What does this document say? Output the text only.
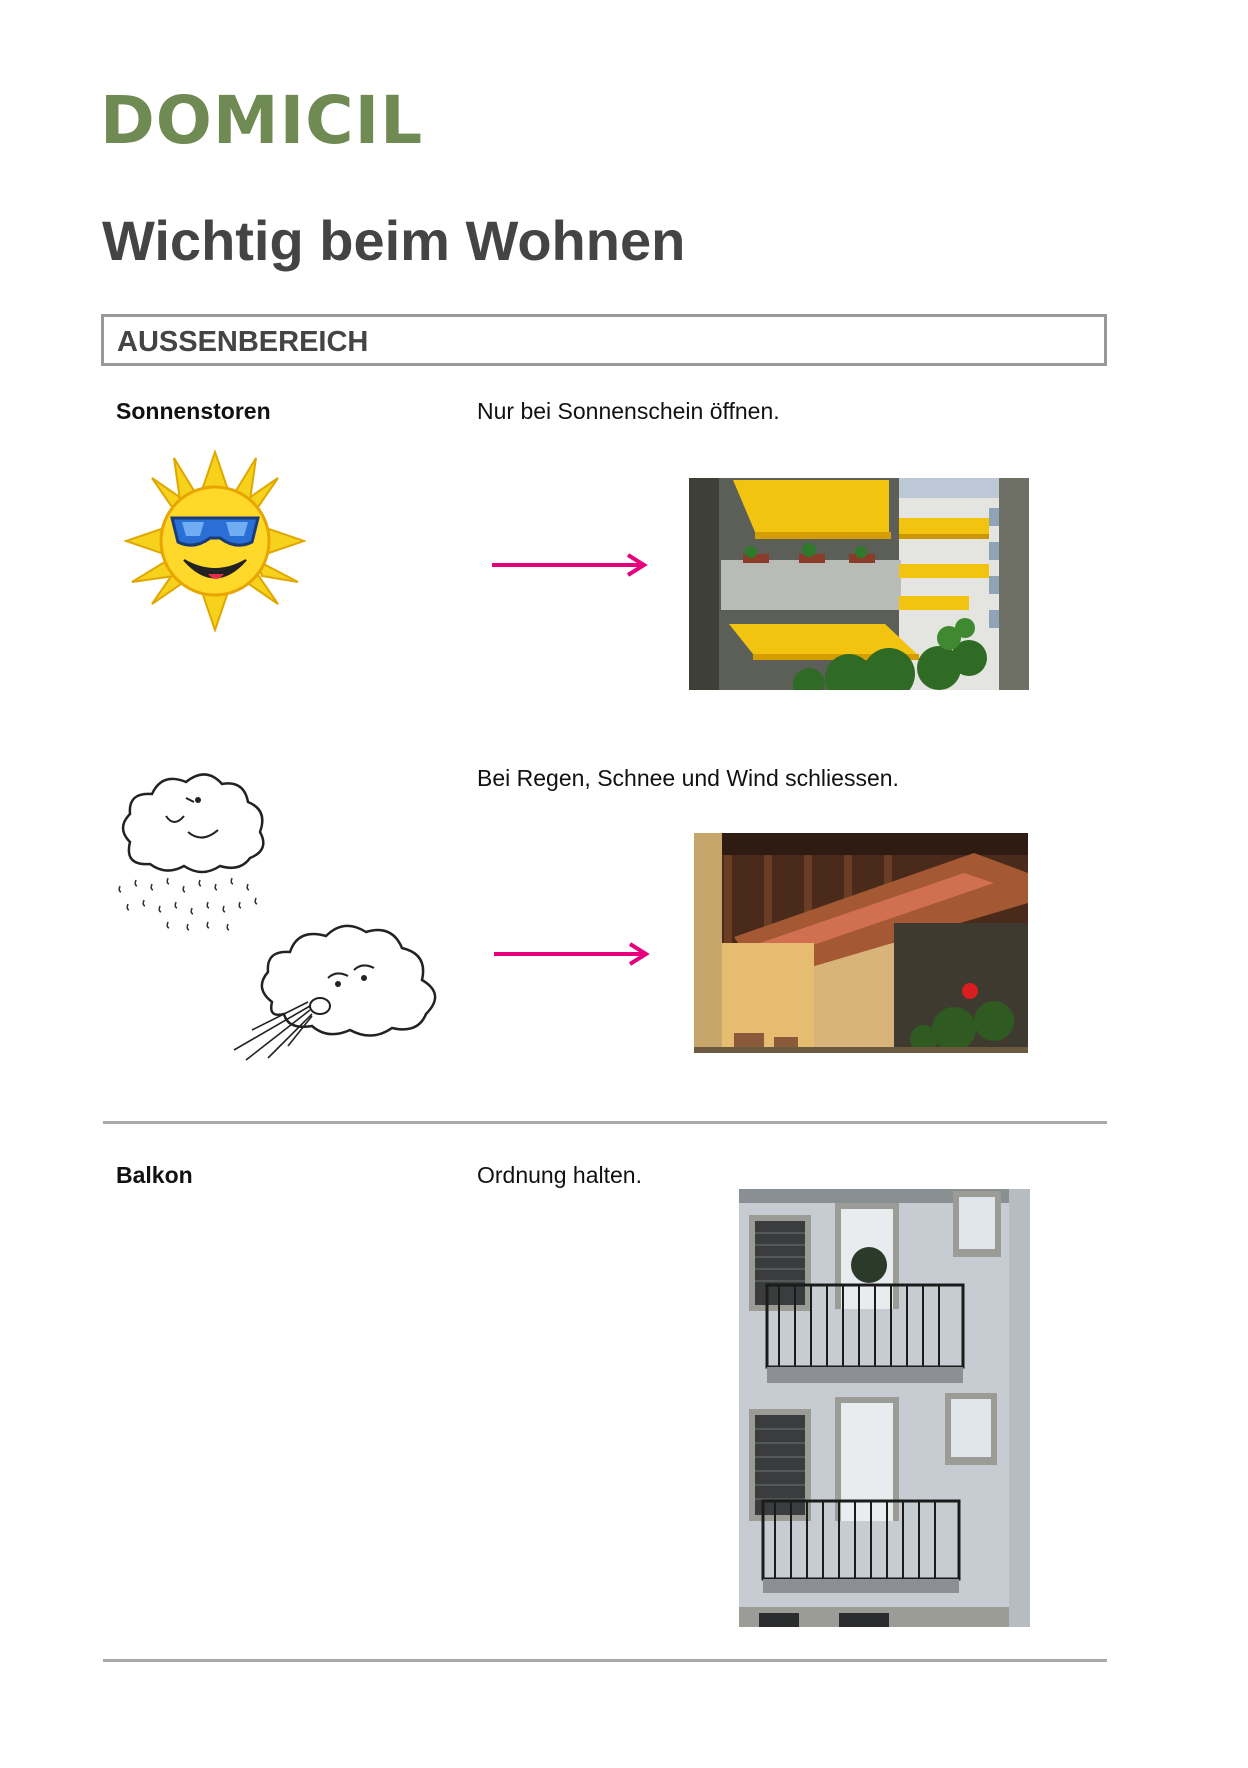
DOMICIL
Wichtig beim Wohnen
AUSSENBEREICH
Sonnenstoren	Nur bei Sonnenschein öffnen.
Bei Regen, Schnee und Wind schliessen.
Balkon	Ordnung halten.
